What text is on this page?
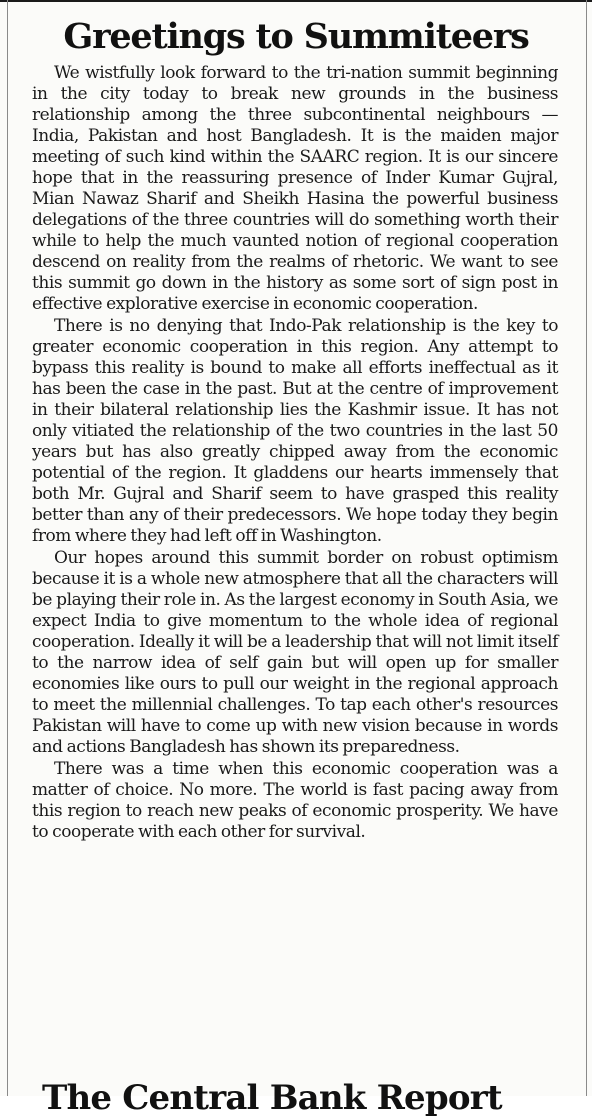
Greetings to Summiteers

We wistfully look forward to the tri-nation summit beginning in the city today to break new grounds in the business relationship among the three subcontinental neighbours — India, Pakistan and host Bangladesh. It is the maiden major meeting of such kind within the SAARC region. It is our sincere hope that in the reassuring presence of Inder Kumar Gujral, Mian Nawaz Sharif and Sheikh Hasina the powerful business delegations of the three countries will do something worth their while to help the much vaunted notion of regional cooperation descend on reality from the realms of rhetoric. We want to see this summit go down in the history as some sort of sign post in effective explorative exercise in economic cooperation.

There is no denying that Indo-Pak relationship is the key to greater economic cooperation in this region. Any attempt to bypass this reality is bound to make all efforts ineffectual as it has been the case in the past. But at the centre of improvement in their bilateral relationship lies the Kashmir issue. It has not only vitiated the relationship of the two countries in the last 50 years but has also greatly chipped away from the economic potential of the region. It gladdens our hearts immensely that both Mr. Gujral and Sharif seem to have grasped this reality better than any of their predecessors. We hope today they begin from where they had left off in Washington.

Our hopes around this summit border on robust optimism because it is a whole new atmosphere that all the characters will be playing their role in. As the largest economy in South Asia, we expect India to give momentum to the whole idea of regional cooperation. Ideally it will be a leadership that will not limit itself to the narrow idea of self gain but will open up for smaller economies like ours to pull our weight in the regional approach to meet the millennial challenges. To tap each other's resources Pakistan will have to come up with new vision because in words and actions Bangladesh has shown its preparedness.

There was a time when this economic cooperation was a matter of choice. No more. The world is fast pacing away from this region to reach new peaks of economic prosperity. We have to cooperate with each other for survival.

The Central Bank Report
